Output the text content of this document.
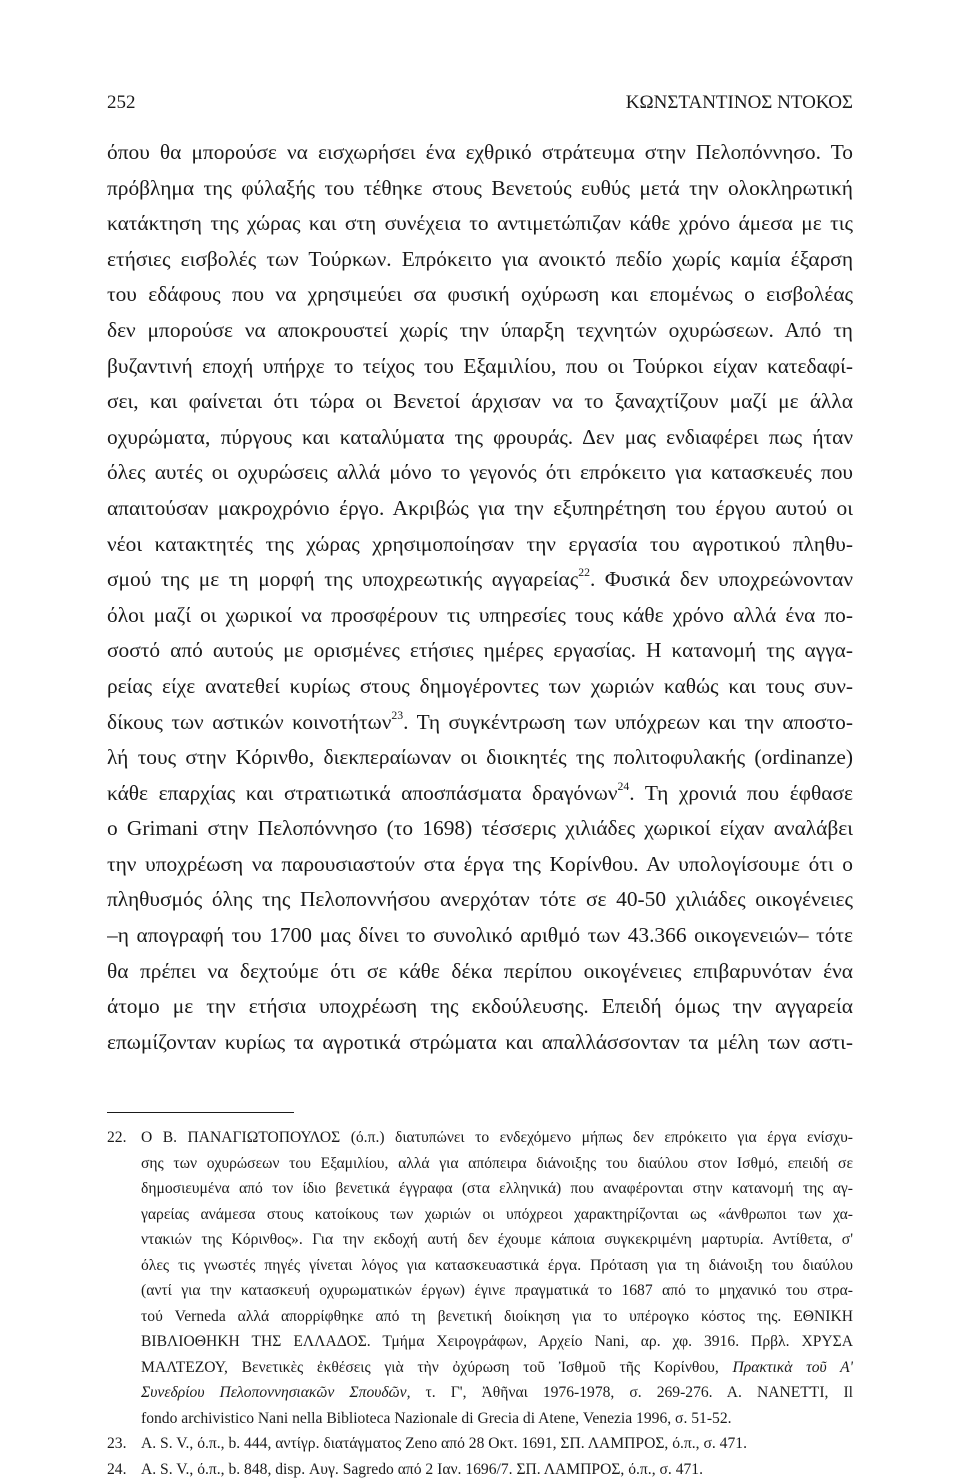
252	ΚΩΝΣΤΑΝΤΙΝΟΣ ΝΤΟΚΟΣ
όπου θα μπορούσε να εισχωρήσει ένα εχθρικό στράτευμα στην Πελοπόννησο. Το
πρόβλημα της φύλαξής του τέθηκε στους Βενετούς ευθύς μετά την ολοκληρωτική
κατάκτηση της χώρας και στη συνέχεια το αντιμετώπιζαν κάθε χρόνο άμεσα με τις
ετήσιες εισβολές των Τούρκων. Επρόκειτο για ανοικτό πεδίο χωρίς καμία έξαρση
του εδάφους που να χρησιμεύει σα φυσική οχύρωση και επομένως ο εισβολέας
δεν μπορούσε να αποκρουστεί χωρίς την ύπαρξη τεχνητών οχυρώσεων. Από τη
βυζαντινή εποχή υπήρχε το τείχος του Εξαμιλίου, που οι Τούρκοι είχαν κατεδαφί-
σει, και φαίνεται ότι τώρα οι Βενετοί άρχισαν να το ξαναχτίζουν μαζί με άλλα
οχυρώματα, πύργους και καταλύματα της φρουράς. Δεν μας ενδιαφέρει πως ήταν
όλες αυτές οι οχυρώσεις αλλά μόνο το γεγονός ότι επρόκειτο για κατασκευές που
απαιτούσαν μακροχρόνιο έργο. Ακριβώς για την εξυπηρέτηση του έργου αυτού οι
νέοι κατακτητές της χώρας χρησιμοποίησαν την εργασία του αγροτικού πληθυ-
σμού της με τη μορφή της υποχρεωτικής αγγαρείας$^{22}$. Φυσικά δεν υποχρεώνονταν
όλοι μαζί οι χωρικοί να προσφέρουν τις υπηρεσίες τους κάθε χρόνο αλλά ένα πο-
σοστό από αυτούς με ορισμένες ετήσιες ημέρες εργασίας. Η κατανομή της αγγα-
ρείας είχε ανατεθεί κυρίως στους δημογέροντες των χωριών καθώς και τους συν-
δίκους των αστικών κοινοτήτων$^{23}$. Τη συγκέντρωση των υπόχρεων και την αποστο-
λή τους στην Κόρινθο, διεκπεραίωναν οι διοικητές της πολιτοφυλακής (ordinanze)
κάθε επαρχίας και στρατιωτικά αποσπάσματα δραγόνων$^{24}$. Τη χρονιά που έφθασε
ο Grimani στην Πελοπόννησο (το 1698) τέσσερις χιλιάδες χωρικοί είχαν αναλάβει
την υποχρέωση να παρουσιαστούν στα έργα της Κορίνθου. Αν υπολογίσουμε ότι ο
πληθυσμός όλης της Πελοποννήσου ανερχόταν τότε σε 40-50 χιλιάδες οικογένειες
–η απογραφή του 1700 μας δίνει το συνολικό αριθμό των 43.366 οικογενειών– τότε
θα πρέπει να δεχτούμε ότι σε κάθε δέκα περίπου οικογένειες επιβαρυνόταν ένα
άτομο με την ετήσια υποχρέωση της εκδούλευσης. Επειδή όμως την αγγαρεία
επωμίζονταν κυρίως τα αγροτικά στρώματα και απαλλάσσονταν τα μέλη των αστι-
22. Ο Β. ΠΑΝΑΓΙΩΤΟΠΟΥΛΟΣ (ό.π.) διατυπώνει το ενδεχόμενο μήπως δεν επρόκειτο για έργα ενίσχυ-
σης των οχυρώσεων του Εξαμιλίου, αλλά για απόπειρα διάνοιξης του διαύλου στον Ισθμό, επειδή σε
δημοσιευμένα από τον ίδιο βενετικά έγγραφα (στα ελληνικά) που αναφέρονται στην κατανομή της αγ-
γαρείας ανάμεσα στους κατοίκους των χωριών οι υπόχρεοι χαρακτηρίζονται ως «άνθρωποι των χα-
ντακιών της Κόρινθος». Για την εκδοχή αυτή δεν έχουμε κάποια συγκεκριμένη μαρτυρία. Αντίθετα, σ'
όλες τις γνωστές πηγές γίνεται λόγος για κατασκευαστικά έργα. Πρόταση για τη διάνοιξη του διαύλου
(αντί για την κατασκευή οχυρωματικών έργων) έγινε πραγματικά το 1687 από το μηχανικό του στρα-
τού Verneda αλλά απορρίφθηκε από τη βενετική διοίκηση για το υπέρογκο κόστος της. ΕΘΝΙΚΗ
ΒΙΒΛΙΟΘΗΚΗ ΤΗΣ ΕΛΛΑΔΟΣ. Τμήμα Χειρογράφων, Αρχείο Nani, αρ. χφ. 3916. Πρβλ. ΧΡΥΣΑ
ΜΑΛΤΕΖΟΥ, Βενετικὲς ἐκθέσεις γιὰ τὴν ὀχύρωση τοῦ Ἰσθμοῦ τῆς Κορίνθου, Πρακτικὰ τοῦ Α'
Συνεδρίου Πελοποννησιακῶν Σπουδῶν, τ. Γ', Ἀθῆναι 1976-1978, σ. 269-276. Α. NANETTI, Il
fondo archivistico Nani nella Biblioteca Nazionale di Grecia di Atene, Venezia 1996, σ. 51-52.
23. A. S. V., ό.π., b. 444, αντίγρ. διατάγματος Zeno από 28 Οκτ. 1691, ΣΠ. ΛΑΜΠΡΟΣ, ό.π., σ. 471.
24. A. S. V., ό.π., b. 848, disp. Αυγ. Sagredo από 2 Ιαν. 1696/7. ΣΠ. ΛΑΜΠΡΟΣ, ό.π., σ. 471.
